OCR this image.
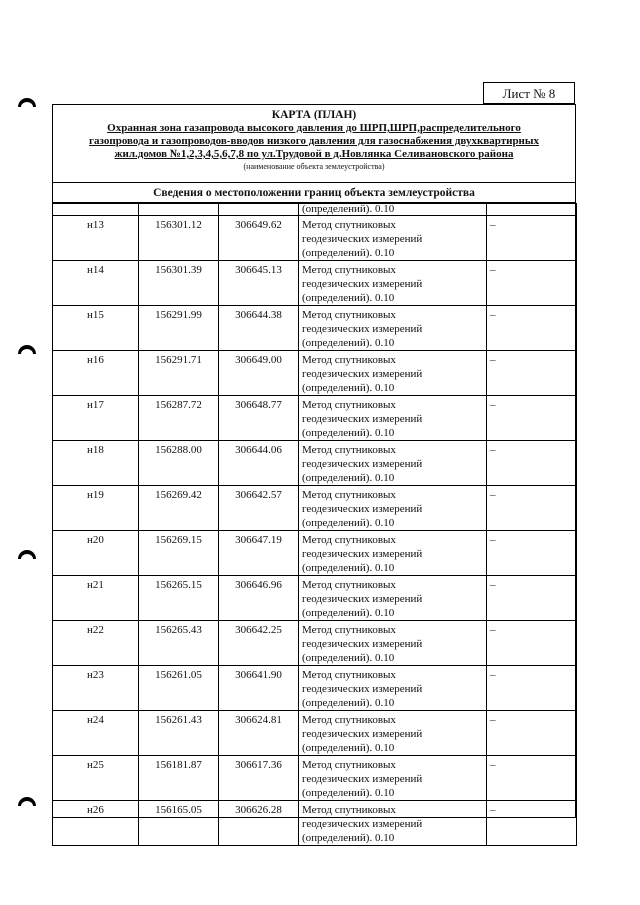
Лист № 8
КАРТА (ПЛАН)
Охранная зона газапровода высокого давления до ШРП,ШРП,распределительного
газопровода и газопроводов-вводов низкого давления для газоснабжения двухквартирных
жил.домов №1,2,3,4,5,6,7,8 по ул.Трудовой в д.Новлянка Селивановского района
(наименование объекта землеустройства)
Сведения о местоположении границ объекта землеустройства
			(определений). 0.10	
н13	156301.12	306649.62	Метод спутниковых
геодезических измерений
(определений). 0.10	–
н14	156301.39	306645.13	Метод спутниковых
геодезических измерений
(определений). 0.10	–
н15	156291.99	306644.38	Метод спутниковых
геодезических измерений
(определений). 0.10	–
н16	156291.71	306649.00	Метод спутниковых
геодезических измерений
(определений). 0.10	–
н17	156287.72	306648.77	Метод спутниковых
геодезических измерений
(определений). 0.10	–
н18	156288.00	306644.06	Метод спутниковых
геодезических измерений
(определений). 0.10	–
н19	156269.42	306642.57	Метод спутниковых
геодезических измерений
(определений). 0.10	–
н20	156269.15	306647.19	Метод спутниковых
геодезических измерений
(определений). 0.10	–
н21	156265.15	306646.96	Метод спутниковых
геодезических измерений
(определений). 0.10	–
н22	156265.43	306642.25	Метод спутниковых
геодезических измерений
(определений). 0.10	–
н23	156261.05	306641.90	Метод спутниковых
геодезических измерений
(определений). 0.10	–
н24	156261.43	306624.81	Метод спутниковых
геодезических измерений
(определений). 0.10	–
н25	156181.87	306617.36	Метод спутниковых
геодезических измерений
(определений). 0.10	–
н26	156165.05	306626.28	Метод спутниковых
геодезических измерений
(определений). 0.10	–
